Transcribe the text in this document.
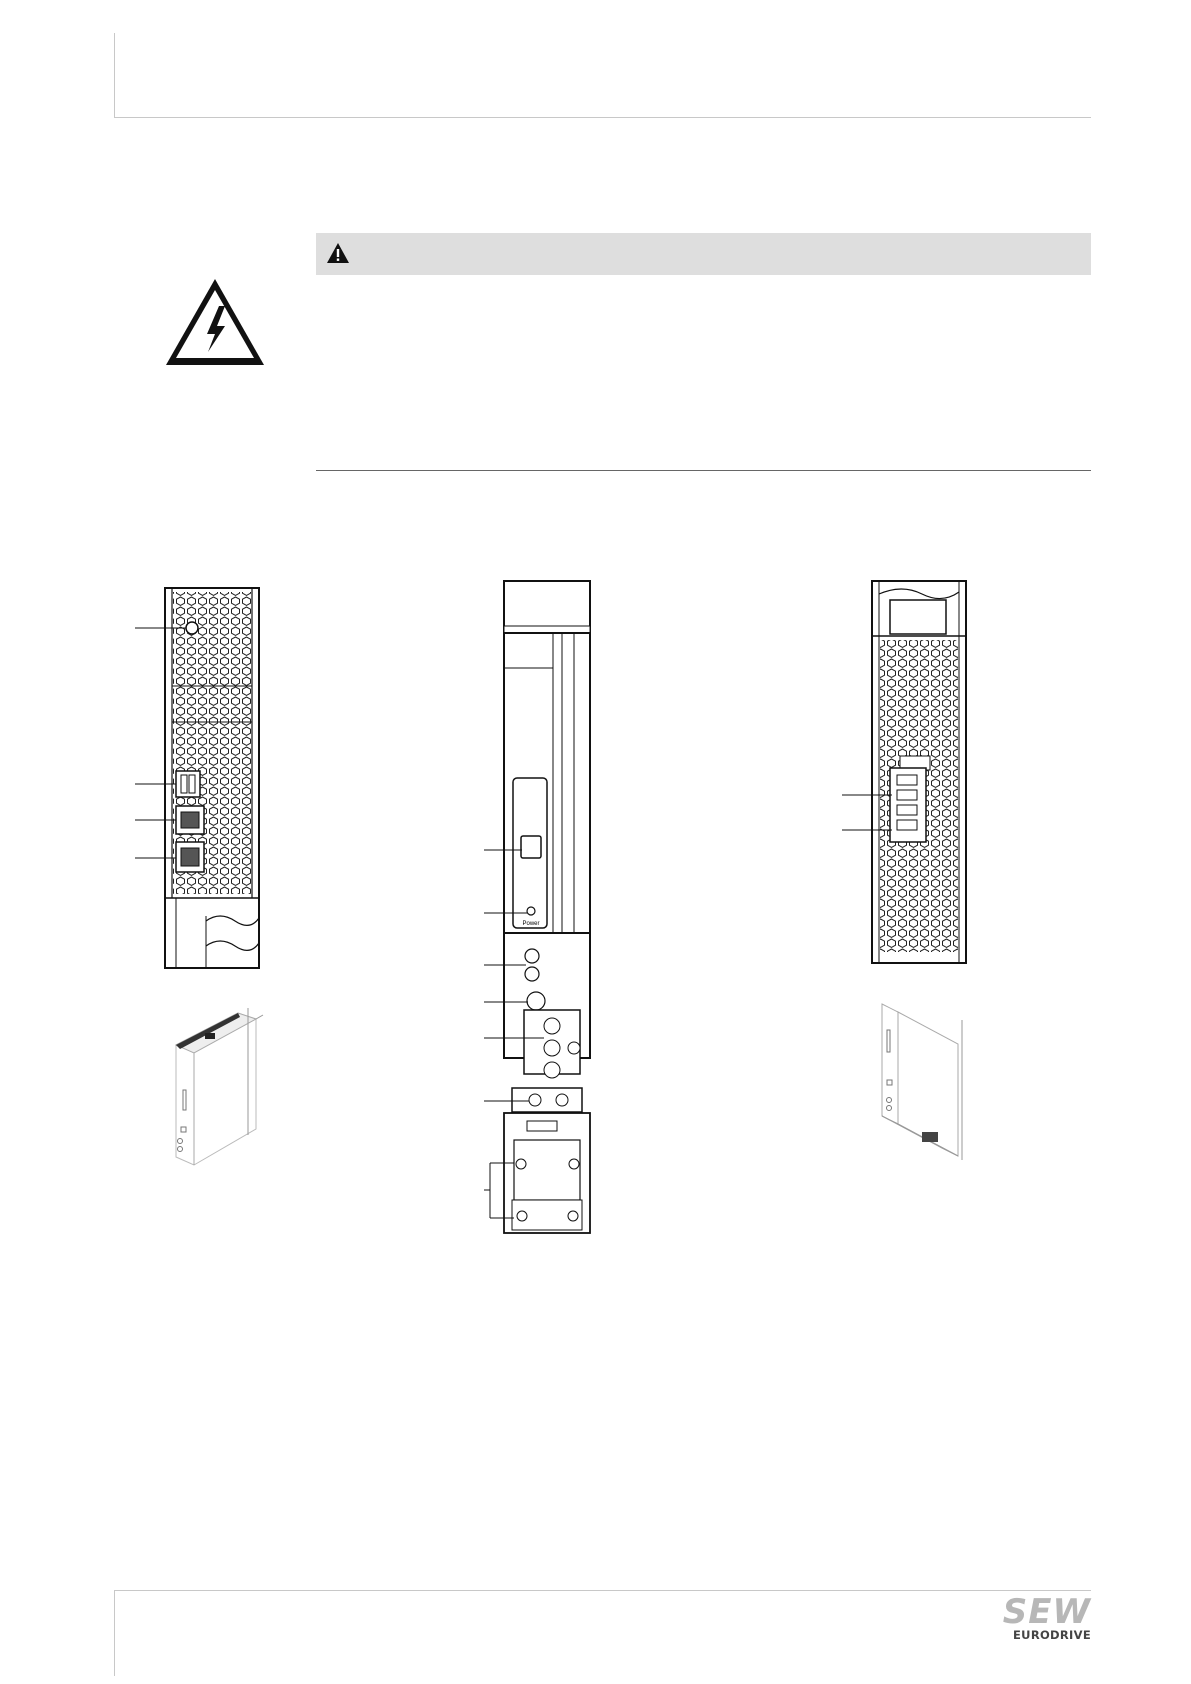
Power
SEW
EURODRIVE
